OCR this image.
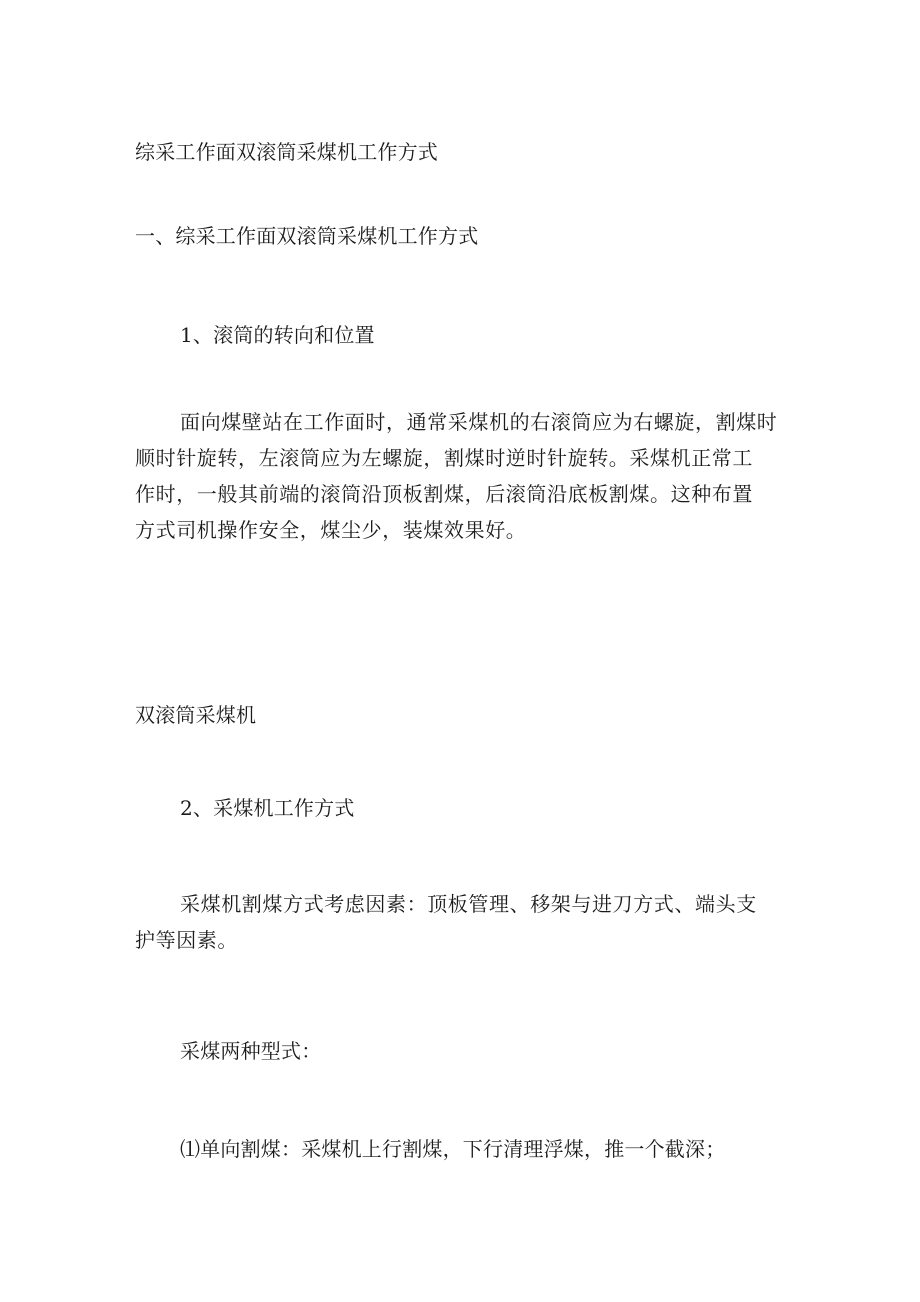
综采工作面双滚筒采煤机工作方式
一、综采工作面双滚筒采煤机工作方式
1、滚筒的转向和位置
面向煤壁站在工作面时，通常采煤机的右滚筒应为右螺旋，割煤时
顺时针旋转，左滚筒应为左螺旋，割煤时逆时针旋转。采煤机正常工
作时，一般其前端的滚筒沿顶板割煤，后滚筒沿底板割煤。这种布置
方式司机操作安全，煤尘少，装煤效果好。
双滚筒采煤机
2、采煤机工作方式
采煤机割煤方式考虑因素：顶板管理、移架与进刀方式、端头支
护等因素。
采煤两种型式：
⑴单向割煤：采煤机上行割煤，下行清理浮煤，推一个截深；
